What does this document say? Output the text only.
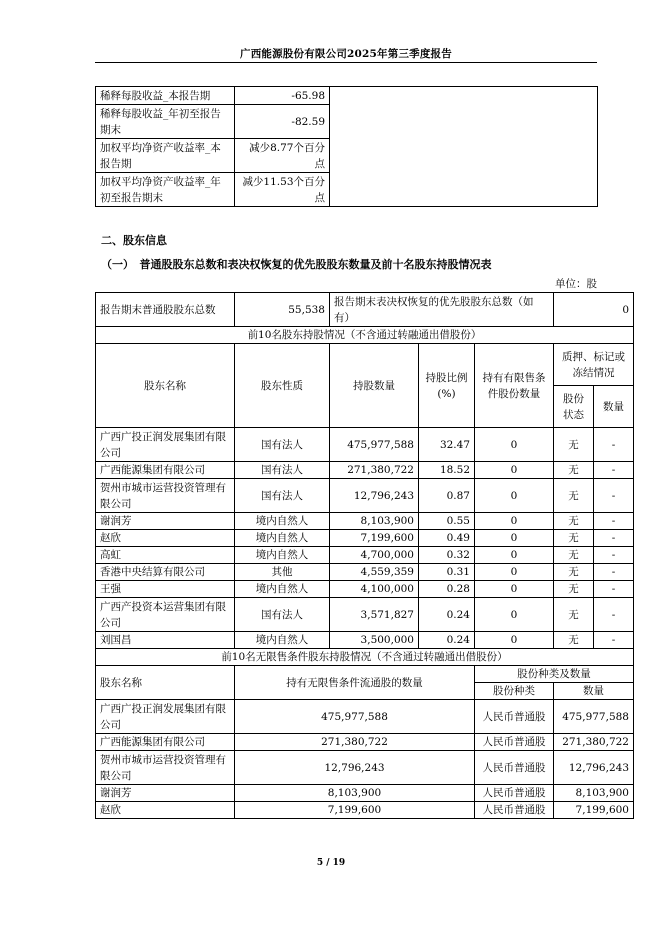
广西能源股份有限公司2025年第三季度报告
稀释每股收益_本报告期	-65.98	
稀释每股收益_年初至报告期末	-82.59	
加权平均净资产收益率_本报告期	减少8.77个百分点	
加权平均净资产收益率_年初至报告期末	减少11.53个百分点	
二、股东信息
（一）　普通股股东总数和表决权恢复的优先股股东数量及前十名股东持股情况表
单位：股
报告期末普通股股东总数	55,538	报告期末表决权恢复的优先股股东总数（如有）			0	
前10名股东持股情况（不含通过转融通出借股份）						
股东名称	股东性质	持股数量	持股比例(%)	持有有限售条件股份数量	质押、标记或冻结情况	
					股份状态	数量
广西广投正润发展集团有限公司	国有法人	475,977,588	32.47	0	无	-
广西能源集团有限公司	国有法人	271,380,722	18.52	0	无	-
贺州市城市运营投资管理有限公司	国有法人	12,796,243	0.87	0	无	-
谢润芳	境内自然人	8,103,900	0.55	0	无	-
赵欣	境内自然人	7,199,600	0.49	0	无	-
高虹	境内自然人	4,700,000	0.32	0	无	-
香港中央结算有限公司	其他	4,559,359	0.31	0	无	-
王强	境内自然人	4,100,000	0.28	0	无	-
广西产投资本运营集团有限公司	国有法人	3,571,827	0.24	0	无	-
刘国昌	境内自然人	3,500,000	0.24	0	无	-
前10名无限售条件股东持股情况（不含通过转融通出借股份）						
股东名称	持有无限售条件流通股的数量			股份种类及数量		
				股份种类	数量	
广西广投正润发展集团有限公司	475,977,588			人民币普通股	475,977,588	
广西能源集团有限公司	271,380,722			人民币普通股	271,380,722	
贺州市城市运营投资管理有限公司	12,796,243			人民币普通股	12,796,243	
谢润芳	8,103,900			人民币普通股	8,103,900	
赵欣	7,199,600			人民币普通股	7,199,600	
5 / 19
